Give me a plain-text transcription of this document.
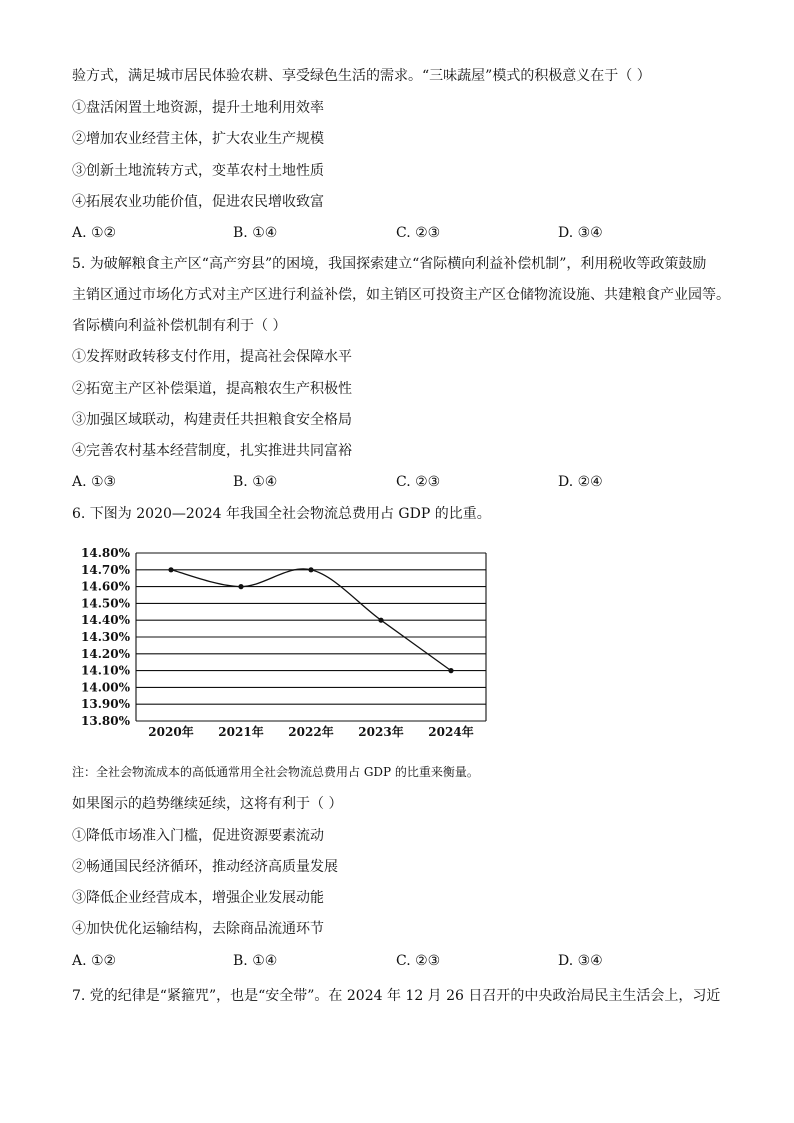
验方式，满足城市居民体验农耕、享受绿色生活的需求。“三味蔬屋”模式的积极意义在于（ ）
①盘活闲置土地资源，提升土地利用效率
②增加农业经营主体，扩大农业生产规模
③创新土地流转方式，变革农村土地性质
④拓展农业功能价值，促进农民增收致富
A. ①②	B. ①④	C. ②③	D. ③④
5. 为破解粮食主产区“高产穷县”的困境，我国探索建立“省际横向利益补偿机制”，利用税收等政策鼓励
主销区通过市场化方式对主产区进行利益补偿，如主销区可投资主产区仓储物流设施、共建粮食产业园等。
省际横向利益补偿机制有利于（ ）
①发挥财政转移支付作用，提高社会保障水平
②拓宽主产区补偿渠道，提高粮农生产积极性
③加强区域联动，构建责任共担粮食安全格局
④完善农村基本经营制度，扎实推进共同富裕
A. ①③	B. ①④	C. ②③	D. ②④
6. 下图为 2020—2024 年我国全社会物流总费用占 GDP 的比重。
13.80%
13.90%
14.00%
14.10%
14.20%
14.30%
14.40%
14.50%
14.60%
14.70%
14.80%
2020年 2021年 2022年 2023年 2024年
注：全社会物流成本的高低通常用全社会物流总费用占 GDP 的比重来衡量。
如果图示的趋势继续延续，这将有利于（ ）
①降低市场准入门槛，促进资源要素流动
②畅通国民经济循环，推动经济高质量发展
③降低企业经营成本，增强企业发展动能
④加快优化运输结构，去除商品流通环节
A. ①②	B. ①④	C. ②③	D. ③④
7. 党的纪律是“紧箍咒”，也是“安全带”。在 2024 年 12 月 26 日召开的中央政治局民主生活会上，习近
